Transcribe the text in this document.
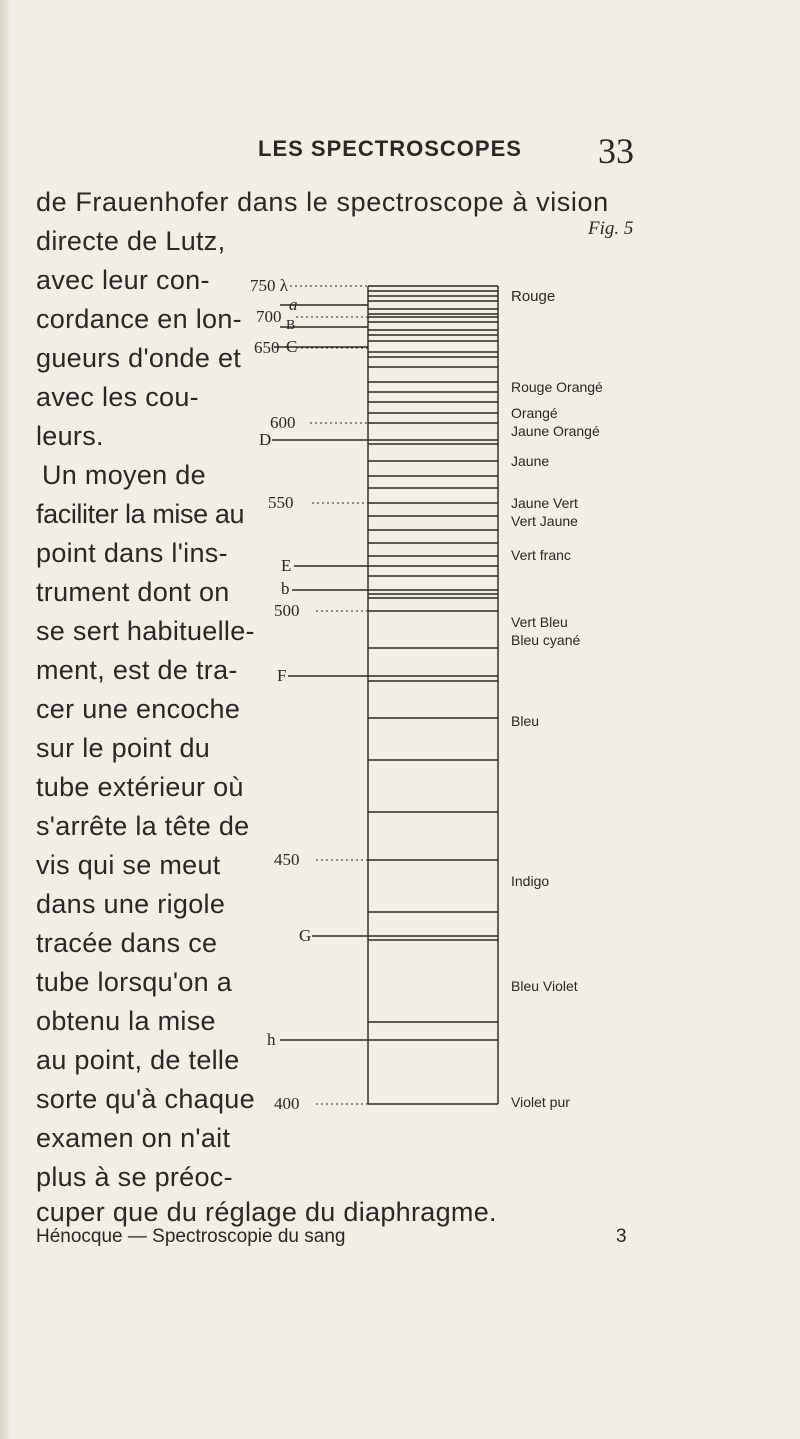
LES SPECTROSCOPES 33
de Frauenhofer dans le spectroscope à vision
directe de Lutz,
avec leur con-
cordance en lon-
gueurs d'onde et
avec les cou-
leurs.
Un moyen de
faciliter la mise au
point dans l'ins-
trument dont on
se sert habituelle-
ment, est de tra-
cer une encoche
sur le point du
tube extérieur où
s'arrête la tête de
vis qui se meut
dans une rigole
tracée dans ce
tube lorsqu'on a
obtenu la mise
au point, de telle
sorte qu'à chaque
examen on n'ait
plus à se préoc-
cuper que du réglage du diaphragme.
Fig. 5
750 λ
700
650
600
550
500
450
400
a
B
C
D
E
b
F
G
h
Rouge
Rouge Orangé
Orangé
Jaune Orangé
Jaune
Jaune Vert
Vert Jaune
Vert franc
Vert Bleu
Bleu cyané
Bleu
Indigo
Bleu Violet
Violet pur
Hénocque — Spectroscopie du sang	3
